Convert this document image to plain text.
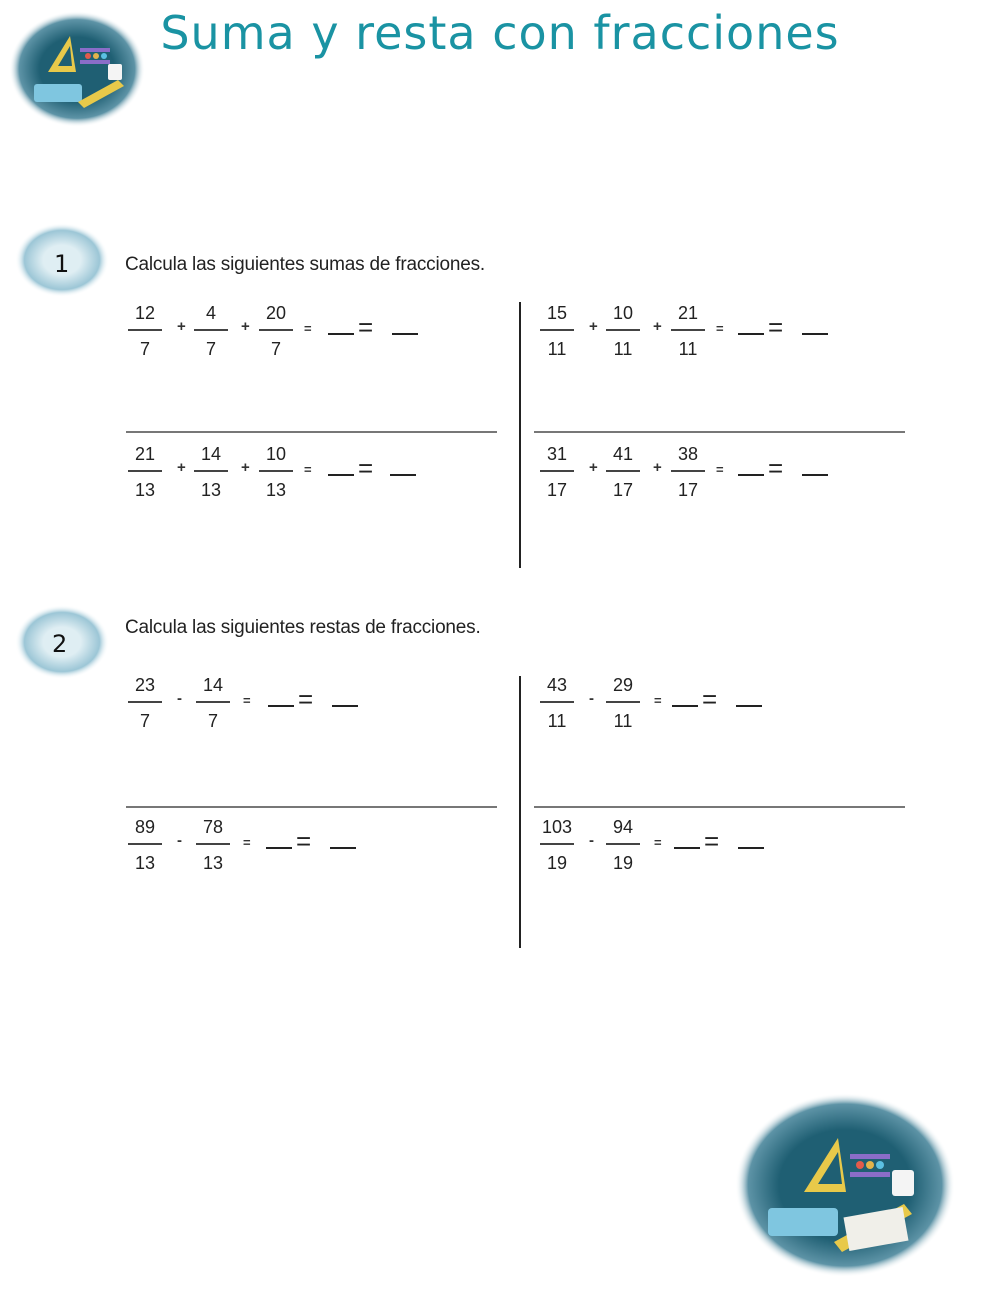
Suma y resta con fracciones
1
2
Calcula las siguientes sumas de fracciones.
Calcula las siguientes restas de fracciones.
12
7
4
7
20
7
+	+	= =	15
11
10
11
21
11
+	+	= =
21
13
14
13
10
13
+	+	= =	31
17
41
17
38
17
+	+	= =
23
7
14
7
-	= =	43
11
29
11
-	= =
89
13
78
13
-	= =	103
19
94
19
-	= =
